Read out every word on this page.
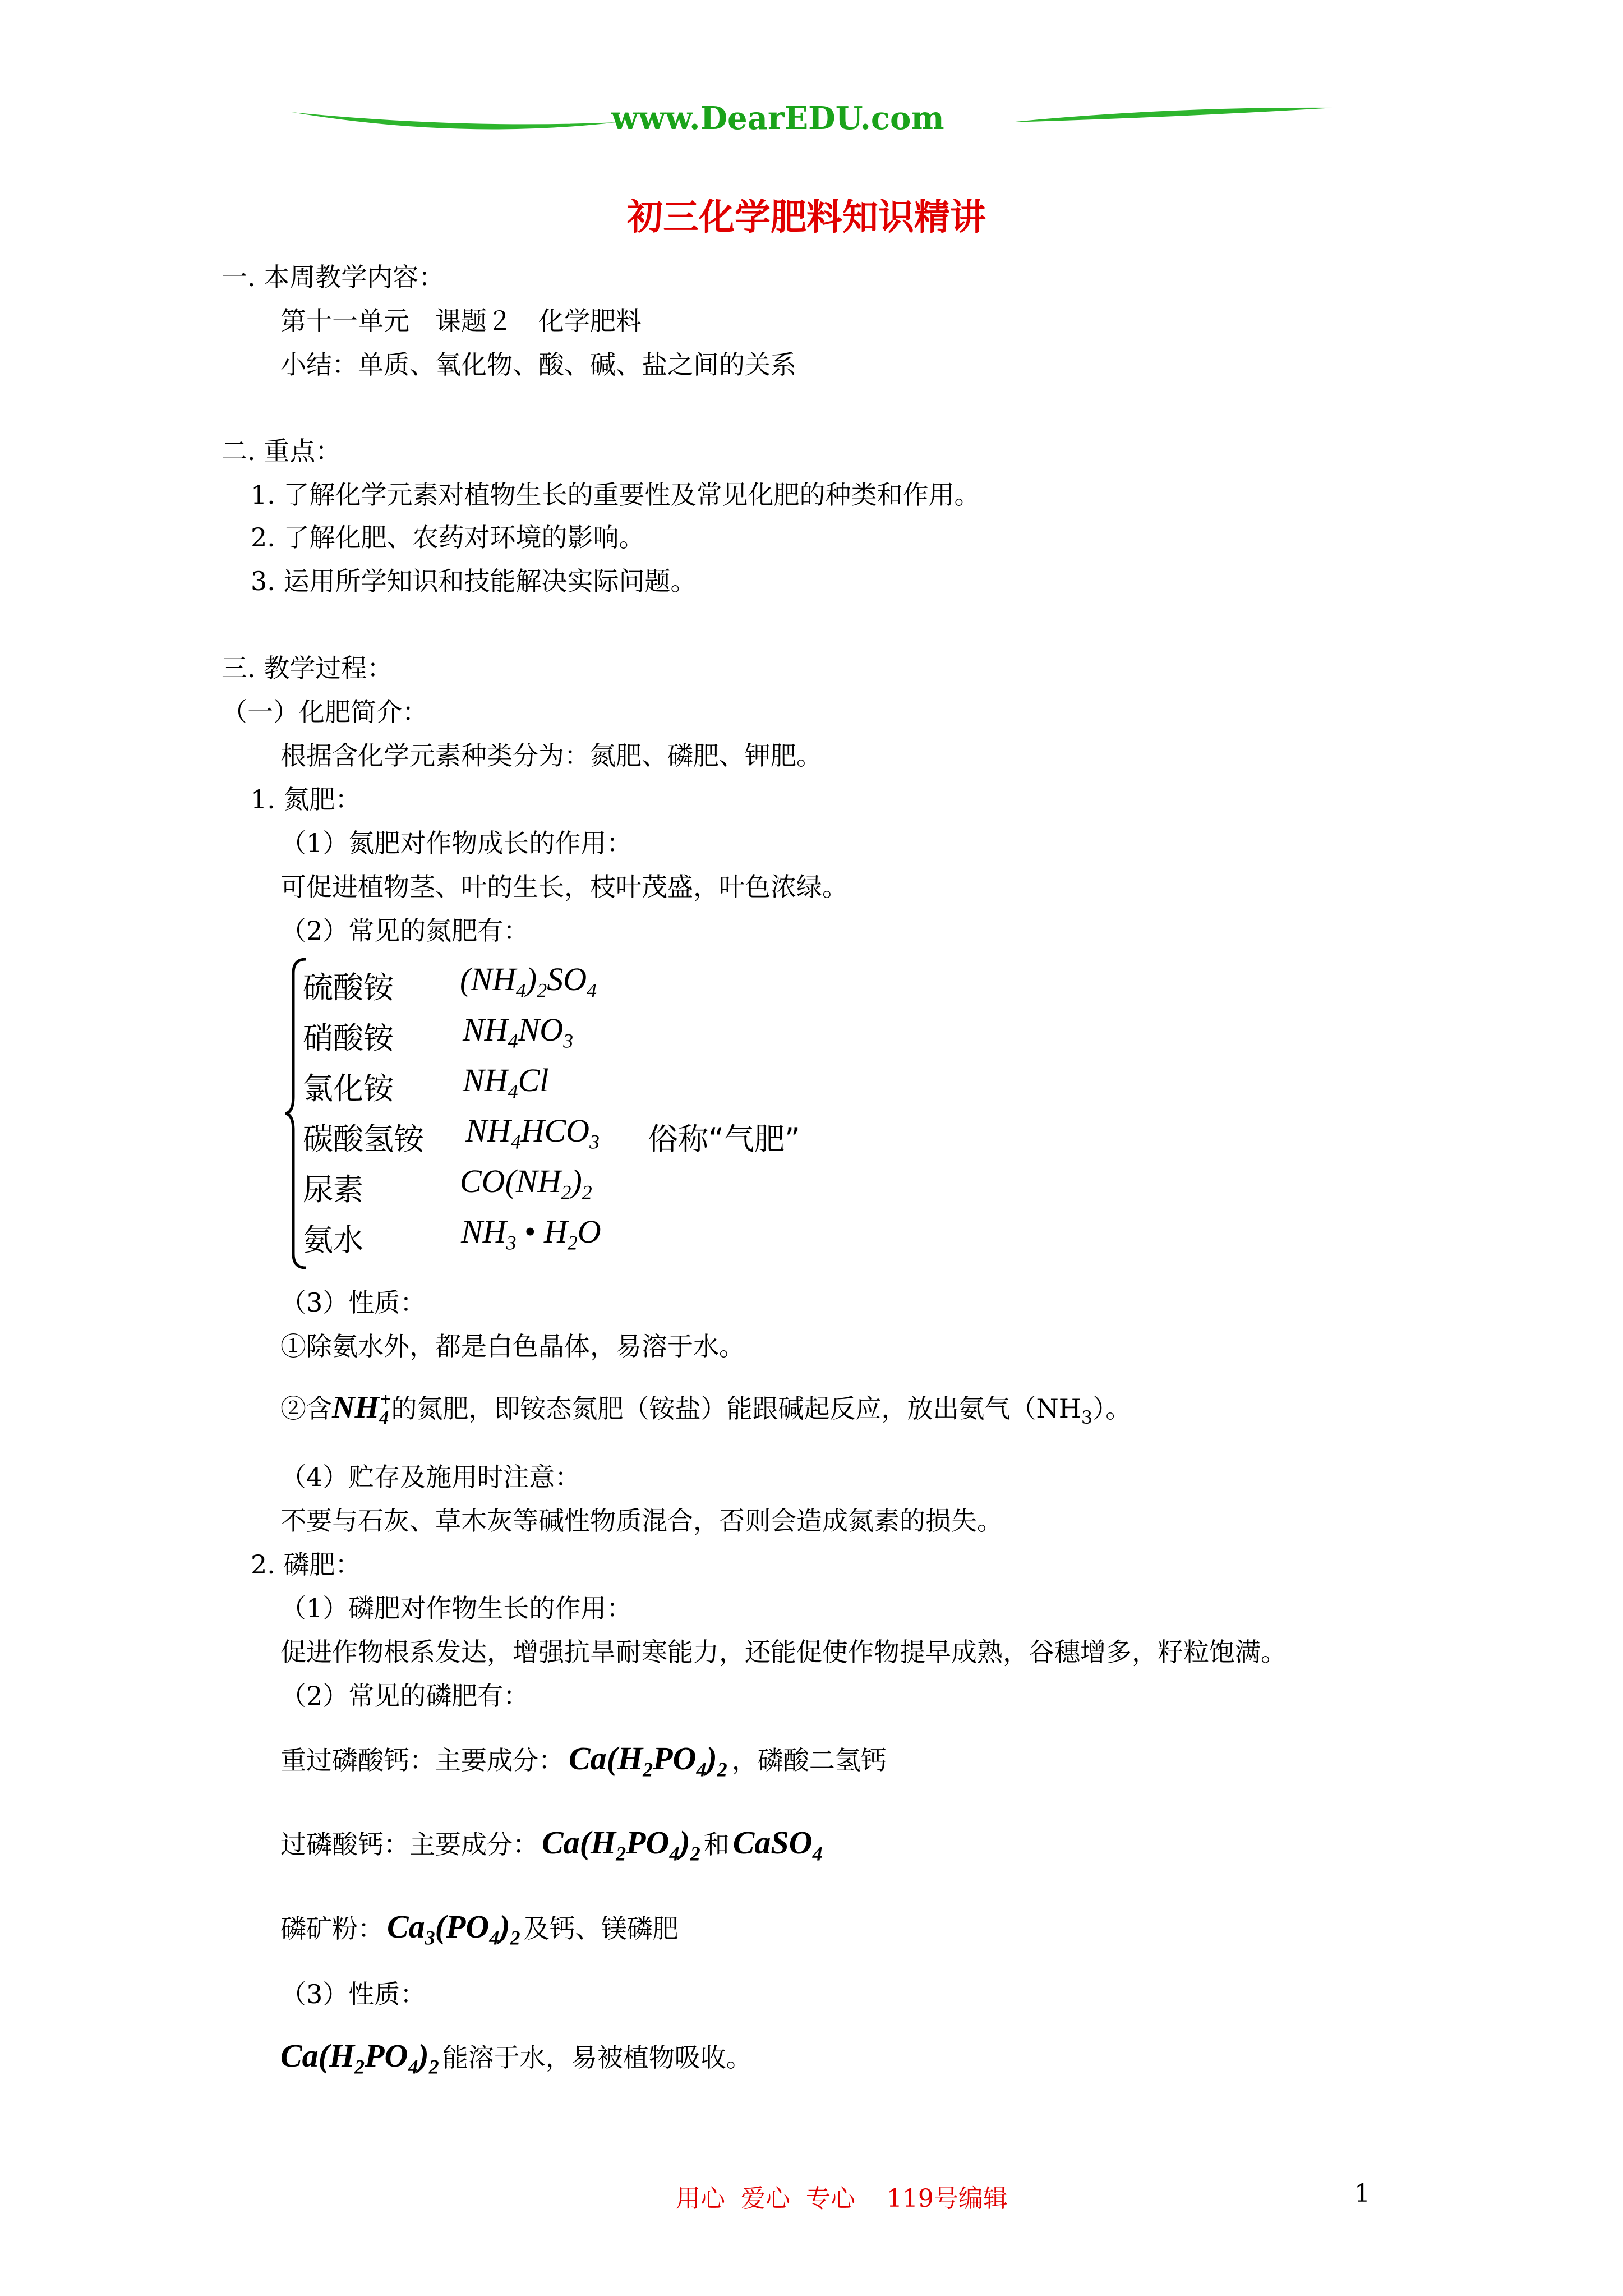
www.DearEDU.com
初三化学肥料知识精讲
一. 本周教学内容：
第十一单元　课题２　化学肥料
小结：单质、氧化物、酸、碱、盐之间的关系
二. 重点：
1. 了解化学元素对植物生长的重要性及常见化肥的种类和作用。
2. 了解化肥、农药对环境的影响。
3. 运用所学知识和技能解决实际问题。
三. 教学过程：
（一）化肥简介：
根据含化学元素种类分为：氮肥、磷肥、钾肥。
1. 氮肥：
（1）氮肥对作物成长的作用：
可促进植物茎、叶的生长，枝叶茂盛，叶色浓绿。
（2）常见的氮肥有：
硫酸铵 $(NH_4)_2SO_4$
硝酸铵 $NH_4NO_3$
氯化铵 $NH_4Cl$
碳酸氢铵 $NH_4HCO_3$ 俗称“气肥”
尿素	$CO(NH_2)_2$
氨水	$NH_3$ • $H_2O$
（3）性质：
①除氨水外，都是白色晶体，易溶于水。
②含$NH_4^+$的氮肥，即铵态氮肥（铵盐）能跟碱起反应，放出氨气$(NH_3)$。
（4）贮存及施用时注意：
不要与石灰、草木灰等碱性物质混合，否则会造成氮素的损失。
2. 磷肥：
（1）磷肥对作物生长的作用：
促进作物根系发达，增强抗旱耐寒能力，还能促使作物提早成熟，谷穗增多，籽粒饱满。
（2）常见的磷肥有：
重过磷酸钙：主要成分： $Ca(H_2PO_4)_2$ ，磷酸二氢钙
过磷酸钙：主要成分： $Ca(H_2PO_4)_2$ 和 CaSO$_4$
磷矿粉： $Ca_3(PO_4)_2$ 及钙、镁磷肥
（3）性质：
$Ca(H_2PO_4)_2$ 能溶于水，易被植物吸收。
用心  爱心  专心    119号编辑	1
